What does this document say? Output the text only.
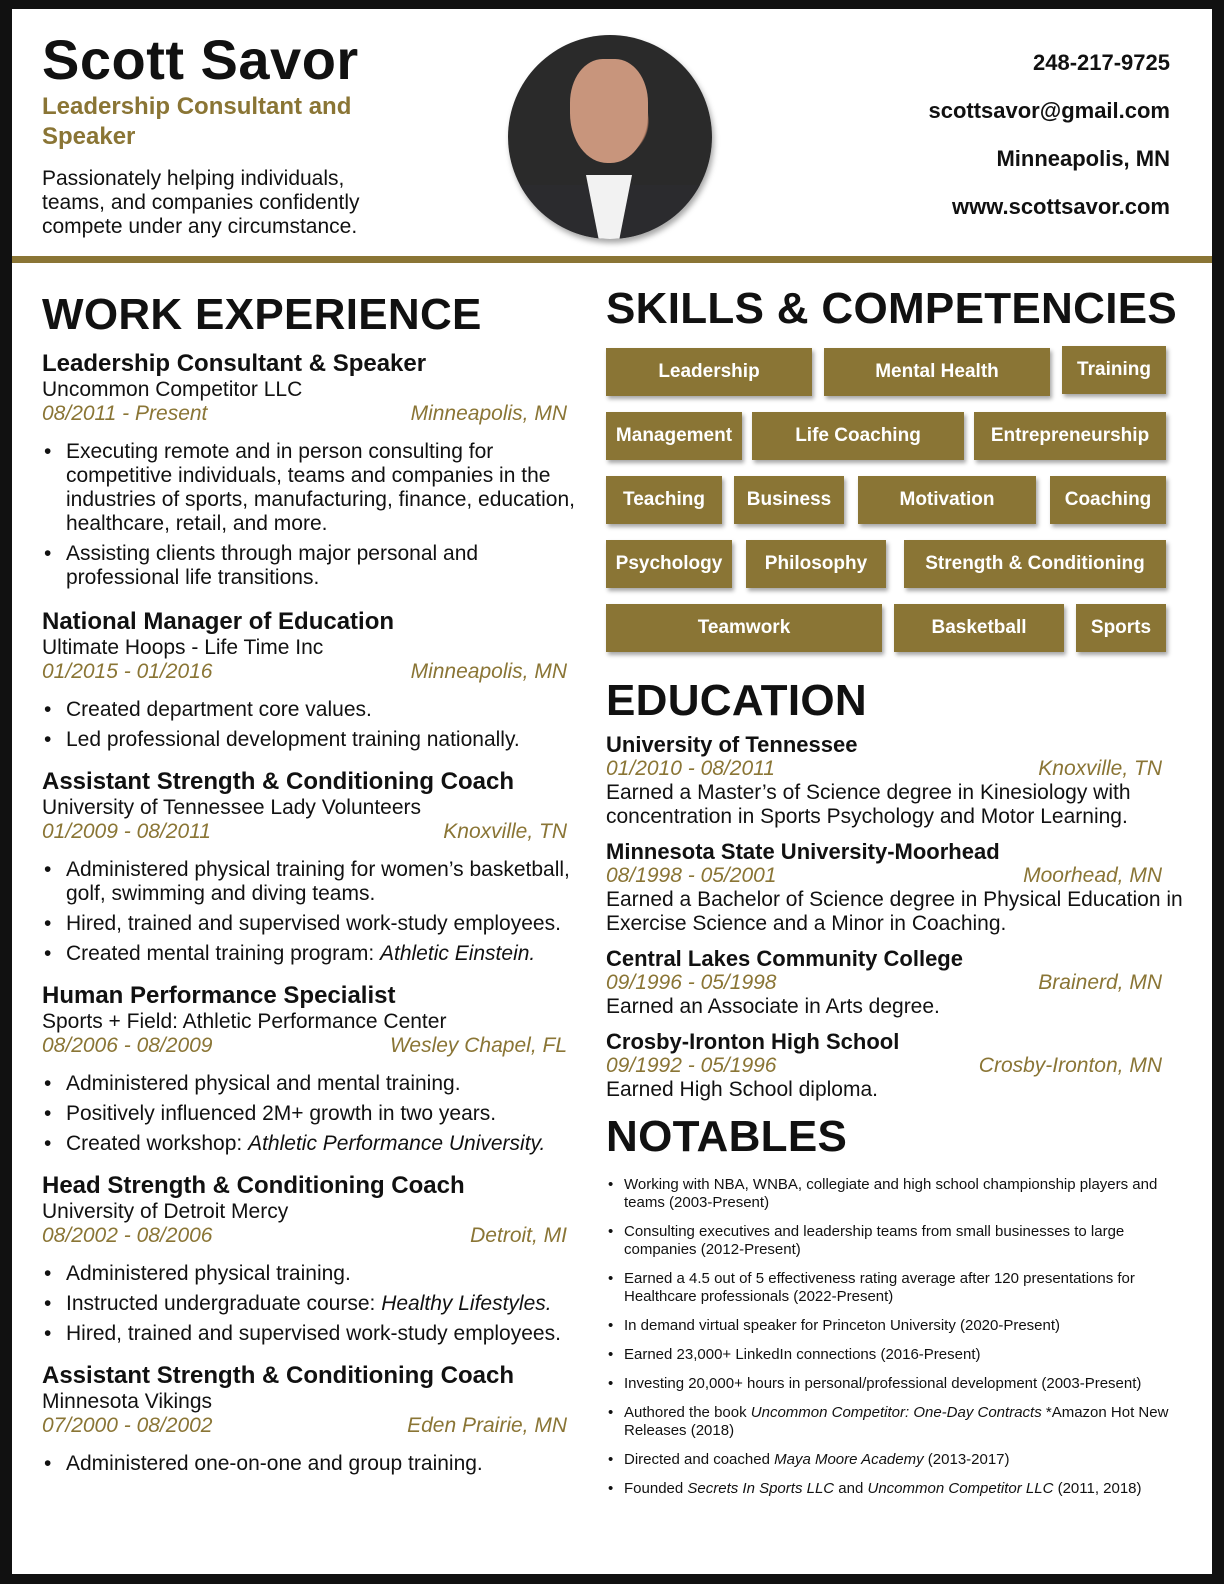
Scott Savor
Leadership Consultant and Speaker
Passionately helping individuals, teams, and companies confidently compete under any circumstance.
248-217-9725
scottsavor@gmail.com
Minneapolis, MN
www.scottsavor.com
WORK EXPERIENCE
Leadership Consultant & Speaker
Uncommon Competitor LLC
08/2011 - Present	Minneapolis, MN
• Executing remote and in person consulting for competitive individuals, teams and companies in the industries of sports, manufacturing, finance, education, healthcare, retail, and more.
• Assisting clients through major personal and professional life transitions.
National Manager of Education
Ultimate Hoops - Life Time Inc
01/2015 - 01/2016	Minneapolis, MN
• Created department core values.
• Led professional development training nationally.
Assistant Strength & Conditioning Coach
University of Tennessee Lady Volunteers
01/2009 - 08/2011	Knoxville, TN
• Administered physical training for women’s basketball, golf, swimming and diving teams.
• Hired, trained and supervised work-study employees.
• Created mental training program: Athletic Einstein.
Human Performance Specialist
Sports + Field: Athletic Performance Center
08/2006 - 08/2009	Wesley Chapel, FL
• Administered physical and mental training.
• Positively influenced 2M+ growth in two years.
• Created workshop: Athletic Performance University.
Head Strength & Conditioning Coach
University of Detroit Mercy
08/2002 - 08/2006	Detroit, MI
• Administered physical training.
• Instructed undergraduate course: Healthy Lifestyles.
• Hired, trained and supervised work-study employees.
Assistant Strength & Conditioning Coach
Minnesota Vikings
07/2000 - 08/2002	Eden Prairie, MN
• Administered one-on-one and group training.
SKILLS & COMPETENCIES
Leadership	Mental Health	Training
Management	Life Coaching	Entrepreneurship
Teaching	Business	Motivation	Coaching
Psychology	Philosophy	Strength & Conditioning
Teamwork	Basketball	Sports
EDUCATION
University of Tennessee
01/2010 - 08/2011	Knoxville, TN
Earned a Master’s of Science degree in Kinesiology with concentration in Sports Psychology and Motor Learning.
Minnesota State University-Moorhead
08/1998 - 05/2001	Moorhead, MN
Earned a Bachelor of Science degree in Physical Education in Exercise Science and a Minor in Coaching.
Central Lakes Community College
09/1996 - 05/1998	Brainerd, MN
Earned an Associate in Arts degree.
Crosby-Ironton High School
09/1992 - 05/1996	Crosby-Ironton, MN
Earned High School diploma.
NOTABLES
• Working with NBA, WNBA, collegiate and high school championship players and teams (2003-Present)
• Consulting executives and leadership teams from small businesses to large companies (2012-Present)
• Earned a 4.5 out of 5 effectiveness rating average after 120 presentations for Healthcare professionals (2022-Present)
• In demand virtual speaker for Princeton University (2020-Present)
• Earned 23,000+ LinkedIn connections (2016-Present)
• Investing 20,000+ hours in personal/professional development (2003-Present)
• Authored the book Uncommon Competitor: One-Day Contracts *Amazon Hot New Releases (2018)
• Directed and coached Maya Moore Academy (2013-2017)
• Founded Secrets In Sports LLC and Uncommon Competitor LLC (2011, 2018)
